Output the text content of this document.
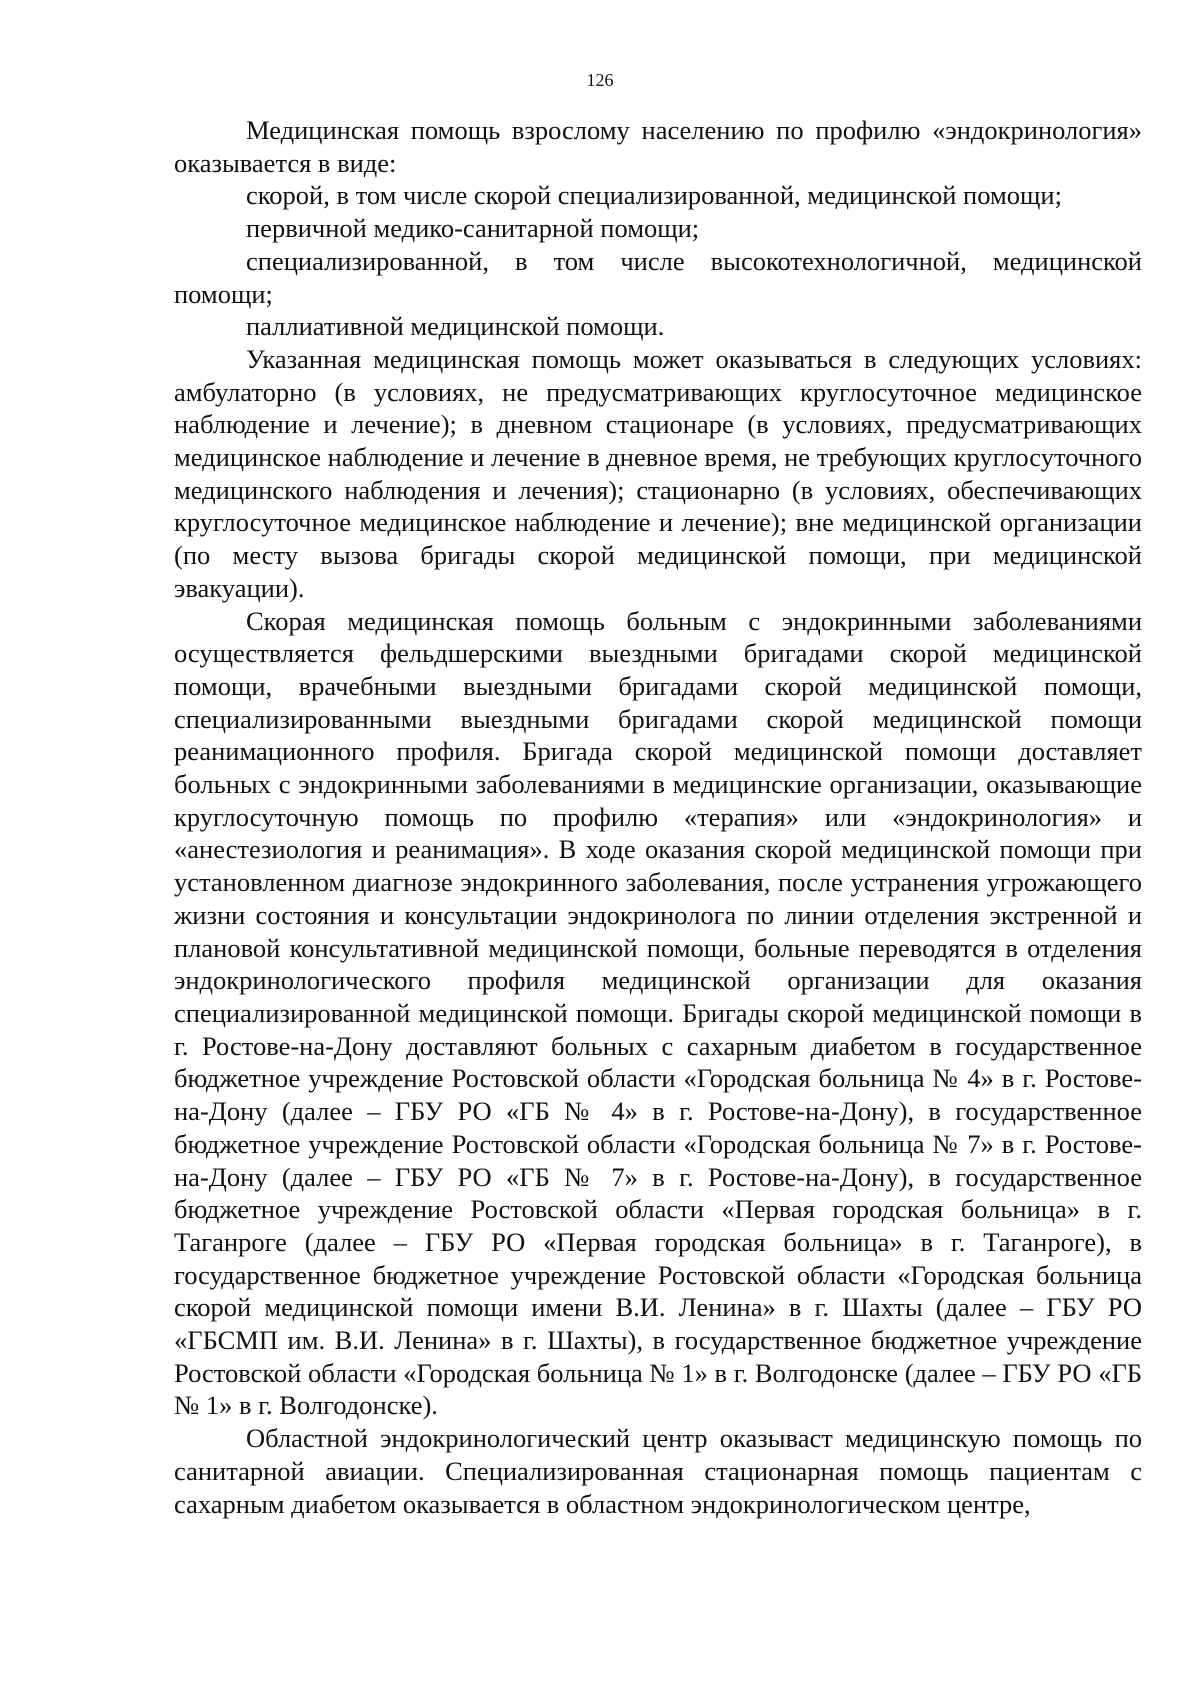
126

Медицинская помощь взрослому населению по профилю «эндокринология» оказывается в виде:

скорой, в том числе скорой специализированной, медицинской помощи;

первичной медико-санитарной помощи;

специализированной, в том числе высокотехнологичной, медицинской помощи;

паллиативной медицинской помощи.

Указанная медицинская помощь может оказываться в следующих условиях: амбулаторно (в условиях, не предусматривающих круглосуточное медицинское наблюдение и лечение); в дневном стационаре (в условиях, предусматривающих медицинское наблюдение и лечение в дневное время, не требующих круглосуточного медицинского наблюдения и лечения); стационарно (в условиях, обеспечивающих круглосуточное медицинское наблюдение и лечение); вне медицинской организации (по месту вызова бригады скорой медицинской помощи, при медицинской эвакуации).

Скорая медицинская помощь больным с эндокринными заболеваниями осуществляется фельдшерскими выездными бригадами скорой медицинской помощи, врачебными выездными бригадами скорой медицинской помощи, специализированными выездными бригадами скорой медицинской помощи реанимационного профиля. Бригада скорой медицинской помощи доставляет больных с эндокринными заболеваниями в медицинские организации, оказывающие круглосуточную помощь по профилю «терапия» или «эндокринология» и «анестезиология и реанимация». В ходе оказания скорой медицинской помощи при установленном диагнозе эндокринного заболевания, после устранения угрожающего жизни состояния и консультации эндокринолога по линии отделения экстренной и плановой консультативной медицинской помощи, больные переводятся в отделения эндокринологического профиля медицинской организации для оказания специализированной медицинской помощи. Бригады скорой медицинской помощи в г. Ростове-на-Дону доставляют больных с сахарным диабетом в государственное бюджетное учреждение Ростовской области «Городская больница № 4» в г. Ростове-на-Дону (далее – ГБУ РО «ГБ № 4» в г. Ростове-на-Дону), в государственное бюджетное учреждение Ростовской области «Городская больница № 7» в г. Ростове-на-Дону (далее – ГБУ РО «ГБ № 7» в г. Ростове-на-Дону), в государственное бюджетное учреждение Ростовской области «Первая городская больница» в г. Таганроге (далее – ГБУ РО «Первая городская больница» в г. Таганроге), в государственное бюджетное учреждение Ростовской области «Городская больница скорой медицинской помощи имени В.И. Ленина» в г. Шахты (далее – ГБУ РО «ГБСМП им. В.И. Ленина» в г. Шахты), в государственное бюджетное учреждение Ростовской области «Городская больница № 1» в г. Волгодонске (далее – ГБУ РО «ГБ № 1» в г. Волгодонске).

Областной эндокринологический центр оказываст медицинскую помощь по санитарной авиации. Специализированная стационарная помощь пациентам с сахарным диабетом оказывается в областном эндокринологическом центре,
